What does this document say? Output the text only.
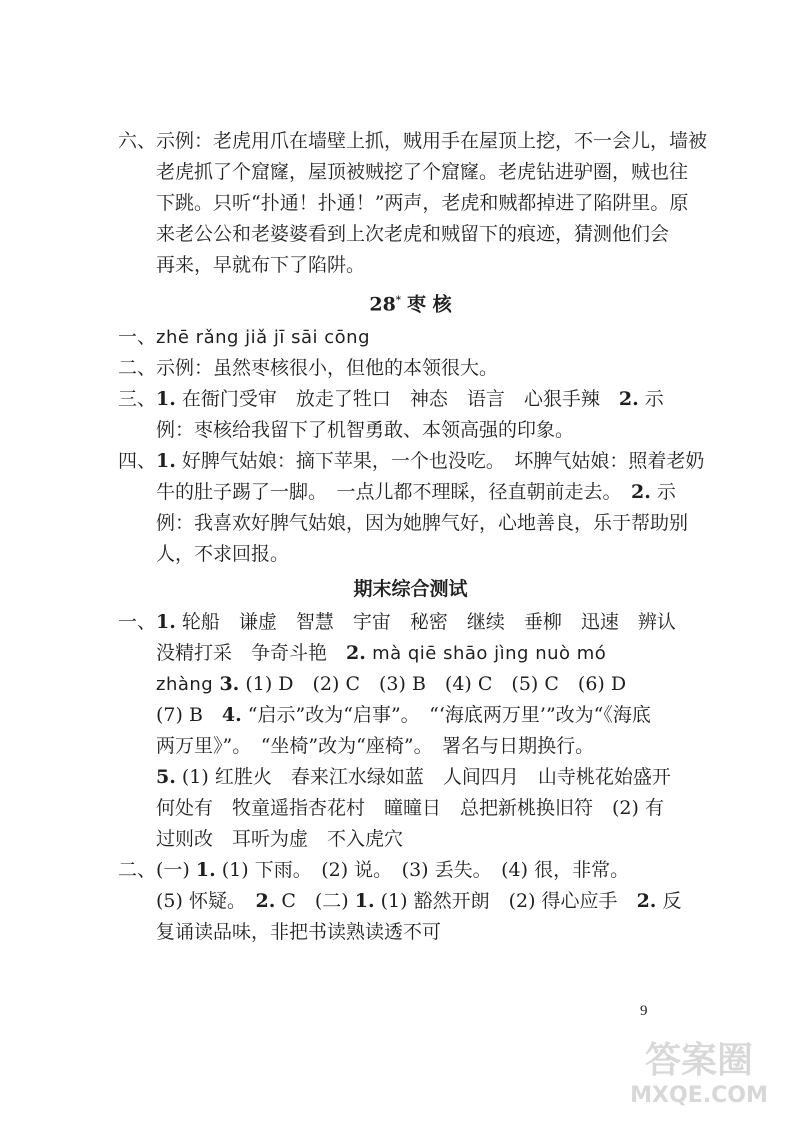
六、示例：老虎用爪在墙壁上抓，贼用手在屋顶上挖，不一会儿，墙被
老虎抓了个窟窿，屋顶被贼挖了个窟窿。老虎钻进驴圈，贼也往
下跳。只听“扑通！扑通！”两声，老虎和贼都掉进了陷阱里。原
来老公公和老婆婆看到上次老虎和贼留下的痕迹，猜测他们会
再来，早就布下了陷阱。
28* 枣 核
一、zhē rǎng jiǎ jī sāi cōng
二、示例：虽然枣核很小，但他的本领很大。
三、1. 在衙门受审　放走了牲口　神态　语言　心狠手辣　2. 示
例：枣核给我留下了机智勇敢、本领高强的印象。
四、1. 好脾气姑娘：摘下苹果，一个也没吃。　坏脾气姑娘：照着老奶
牛的肚子踢了一脚。　一点儿都不理睬，径直朝前走去。　2. 示
例：我喜欢好脾气姑娘，因为她脾气好，心地善良，乐于帮助别
人，不求回报。
期末综合测试
一、1. 轮船　谦虚　智慧　宇宙　秘密　继续　垂柳　迅速　辨认
没精打采　争奇斗艳　2. mà qiē shāo jìng nuò mó
zhàng 3. (1) D　(2) C　(3) B　(4) C　(5) C　(6) D
(7) B　4. “启示”改为“启事”。　“‘海底两万里’”改为“《海底
两万里》”。　“坐椅”改为“座椅”。　署名与日期换行。
5. (1) 红胜火　春来江水绿如蓝　人间四月　山寺桃花始盛开
何处有　牧童遥指杏花村　曈曈日　总把新桃换旧符　(2) 有
过则改　耳听为虚　不入虎穴
二、(一) 1. (1) 下雨。　(2) 说。　(3) 丢失。　(4) 很，非常。
(5) 怀疑。　2. C　(二) 1. (1) 豁然开朗　(2) 得心应手　2. 反
复诵读品味，非把书读熟读透不可
9
答案圈
MXQE.COM
